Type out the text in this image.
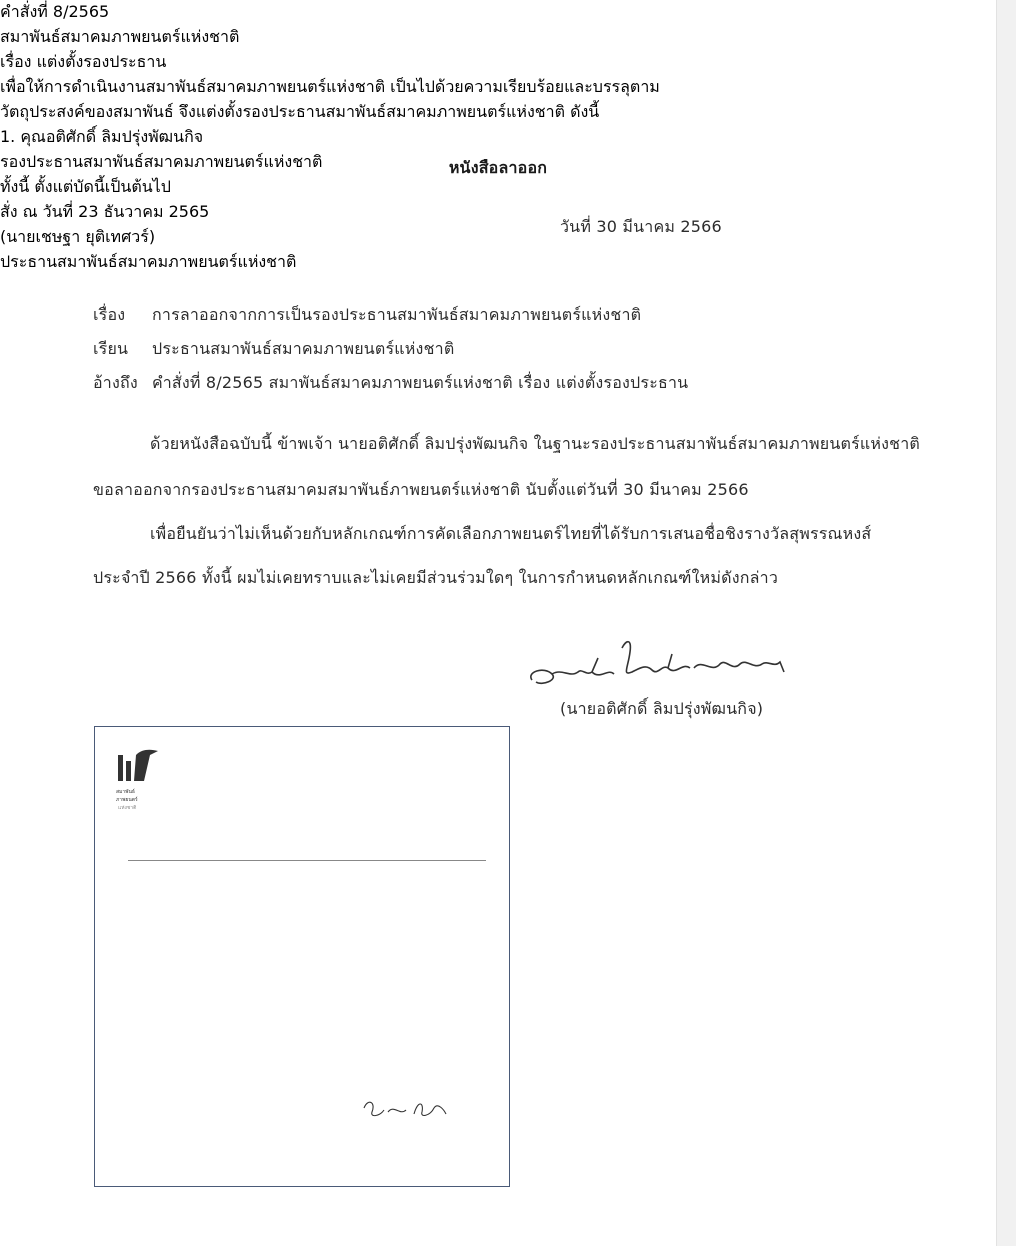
หนังสือลาออก
วันที่ 30 มีนาคม 2566
เรื่อง การลาออกจากการเป็นรองประธานสมาพันธ์สมาคมภาพยนตร์แห่งชาติ
เรียน ประธานสมาพันธ์สมาคมภาพยนตร์แห่งชาติ
อ้างถึง คำสั่งที่ 8/2565 สมาพันธ์สมาคมภาพยนตร์แห่งชาติ เรื่อง แต่งตั้งรองประธาน
ด้วยหนังสือฉบับนี้ ข้าพเจ้า นายอติศักดิ์ ลิมปรุ่งพัฒนกิจ ในฐานะรองประธานสมาพันธ์สมาคมภาพยนตร์แห่งชาติ
ขอลาออกจากรองประธานสมาคมสมาพันธ์ภาพยนตร์แห่งชาติ นับตั้งแต่วันที่ 30 มีนาคม 2566
เพื่อยืนยันว่าไม่เห็นด้วยกับหลักเกณฑ์การคัดเลือกภาพยนตร์ไทยที่ได้รับการเสนอชื่อชิงรางวัลสุพรรณหงส์
ประจำปี 2566 ทั้งนี้ ผมไม่เคยทราบและไม่เคยมีส่วนร่วมใดๆ ในการกำหนดหลักเกณฑ์ใหม่ดังกล่าว
(นายอติศักดิ์ ลิมปรุ่งพัฒนกิจ)
สมาพันธ์
ภาพยนตร์
แห่งชาติ
คำสั่งที่ 8/2565
สมาพันธ์สมาคมภาพยนตร์แห่งชาติ
เรื่อง แต่งตั้งรองประธาน
เพื่อให้การดำเนินงานสมาพันธ์สมาคมภาพยนตร์แห่งชาติ เป็นไปด้วยความเรียบร้อยและบรรลุตาม
วัตถุประสงค์ของสมาพันธ์ จึงแต่งตั้งรองประธานสมาพันธ์สมาคมภาพยนตร์แห่งชาติ ดังนี้
1. คุณอติศักดิ์ ลิมปรุ่งพัฒนกิจ
รองประธานสมาพันธ์สมาคมภาพยนตร์แห่งชาติ
ทั้งนี้ ตั้งแต่บัดนี้เป็นต้นไป
สั่ง ณ วันที่ 23 ธันวาคม 2565
(นายเชษฐา ยุติเทศวร์)
ประธานสมาพันธ์สมาคมภาพยนตร์แห่งชาติ
